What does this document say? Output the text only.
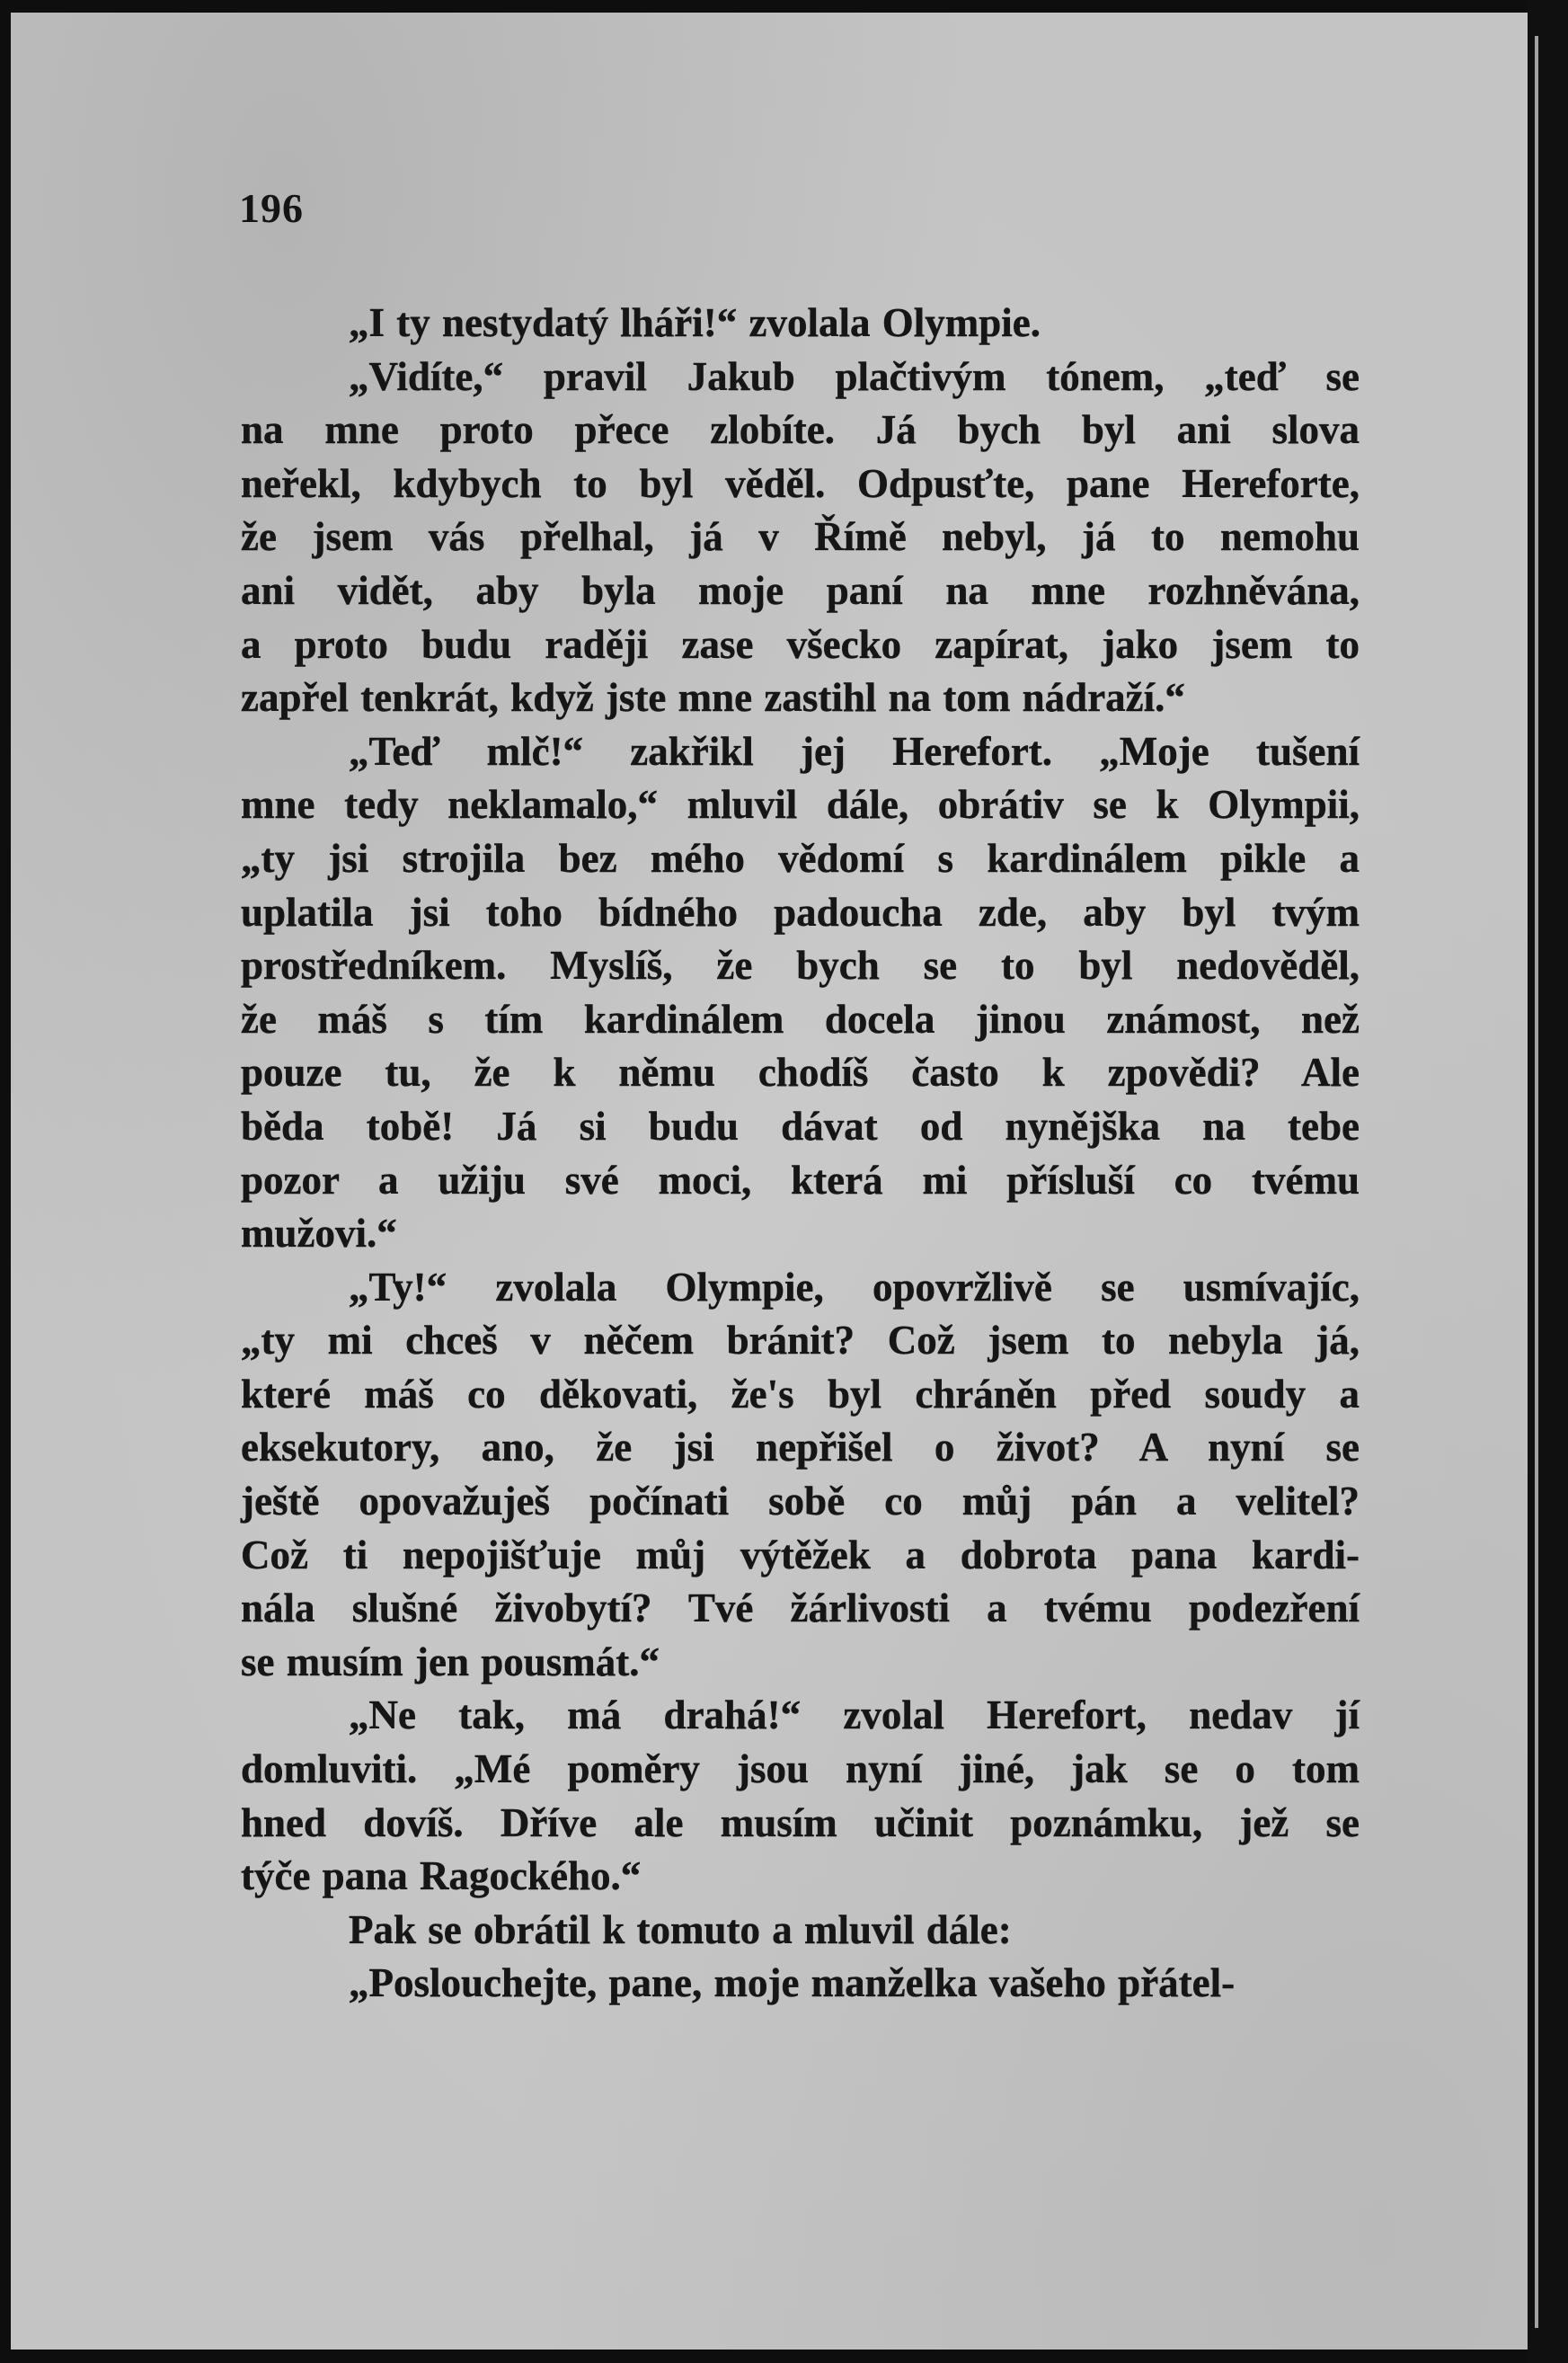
196
„I ty nestydatý lháři!“ zvolala Olympie.
„Vidíte,“ pravil Jakub plačtivým tónem, „teď se
na mne proto přece zlobíte. Já bych byl ani slova
neřekl, kdybych to byl věděl. Odpusťte, pane Hereforte,
že jsem vás přelhal, já v Římě nebyl, já to nemohu
ani vidět, aby byla moje paní na mne rozhněvána,
a proto budu raději zase všecko zapírat, jako jsem to
zapřel tenkrát, když jste mne zastihl na tom nádraží.“
„Teď mlč!“ zakřikl jej Herefort. „Moje tušení
mne tedy neklamalo,“ mluvil dále, obrátiv se k Olympii,
„ty jsi strojila bez mého vědomí s kardinálem pikle a
uplatila jsi toho bídného padoucha zde, aby byl tvým
prostředníkem. Myslíš, že bych se to byl nedověděl,
že máš s tím kardinálem docela jinou známost, než
pouze tu, že k němu chodíš často k zpovědi? Ale
běda tobě! Já si budu dávat od nynějška na tebe
pozor a užiju své moci, která mi přísluší co tvému
mužovi.“
„Ty!“ zvolala Olympie, opovržlivě se usmívajíc,
„ty mi chceš v něčem bránit? Což jsem to nebyla já,
které máš co děkovati, že's byl chráněn před soudy a
eksekutory, ano, že jsi nepřišel o život? A nyní se
ještě opovažuješ počínati sobě co můj pán a velitel?
Což ti nepojišťuje můj výtěžek a dobrota pana kardi-
nála slušné živobytí? Tvé žárlivosti a tvému podezření
se musím jen pousmát.“
„Ne tak, má drahá!“ zvolal Herefort, nedav jí
domluviti. „Mé poměry jsou nyní jiné, jak se o tom
hned dovíš. Dříve ale musím učinit poznámku, jež se
týče pana Ragockého.“
Pak se obrátil k tomuto a mluvil dále:
„Poslouchejte, pane, moje manželka vašeho přátel-
